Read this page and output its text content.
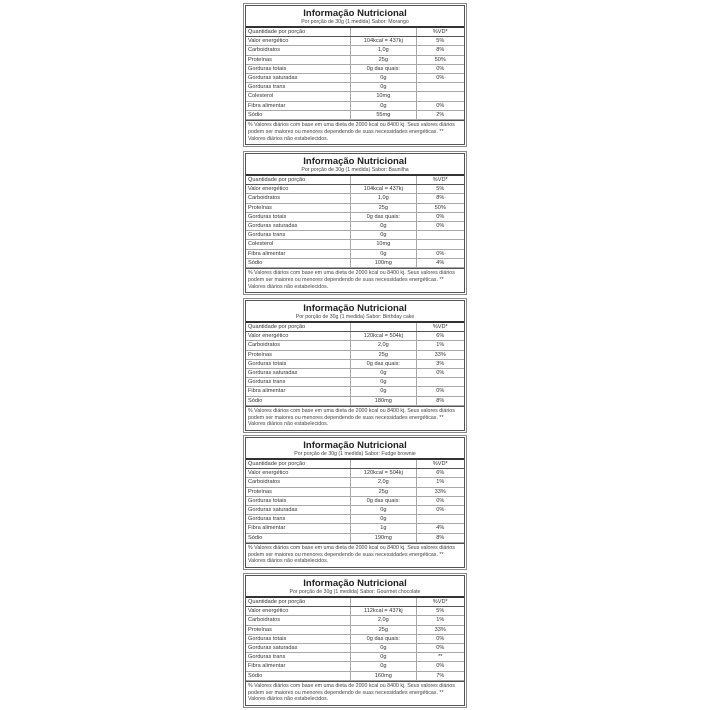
Informação Nutricional
Por porção de 30g (1 medida) Sabor: Morango
Quantidade por porção		%VD*
Valor energético	104kcal = 437kj	5%
Carboidratos	1,0g	8%
Proteínas	25g	50%
Gorduras totais	0g das quais:	0%
Gorduras saturadas	0g	0%
Gorduras trans	0g	
Colesterol	10mg	
Fibra alimentar	0g	0%
Sódio	55mg	2%
% Valores diários com base em uma dieta de 2000 kcal ou 8400 kj. Seus valores diários podem ser maiores ou menores dependendo de suas necessidades energéticas. ** Valores diários não estabelecidos.
Informação Nutricional
Por porção de 30g (1 medida) Sabor: Baunilha
Quantidade por porção		%VD*
Valor energético	104kcal = 437kj	5%
Carboidratos	1,0g	8%
Proteínas	25g	50%
Gorduras totais	0g das quais:	0%
Gorduras saturadas	0g	0%
Gorduras trans	0g	
Colesterol	10mg	
Fibra alimentar	0g	0%
Sódio	100mg	4%
% Valores diários com base em uma dieta de 2000 kcal ou 8400 kj. Seus valores diários podem ser maiores ou menores dependendo de suas necessidades energéticas. ** Valores diários não estabelecidos.
Informação Nutricional
Por porção de 30g (1 medida) Sabor: Birthday cake
Quantidade por porção		%VD*
Valor energético	120kcal = 504kj	6%
Carboidratos	2,0g	1%
Proteínas	25g	33%
Gorduras totais	0g das quais:	3%
Gorduras saturadas	0g	0%
Gorduras trans	0g	
Fibra alimentar	0g	0%
Sódio	180mg	8%
% Valores diários com base em uma dieta de 2000 kcal ou 8400 kj. Seus valores diários podem ser maiores ou menores dependendo de suas necessidades energéticas. ** Valores diários não estabelecidos.
Informação Nutricional
Por porção de 30g (1 medida) Sabor: Fudge brownie
Quantidade por porção		%VD*
Valor energético	120kcal = 504kj	6%
Carboidratos	2,0g	1%
Proteínas	25g	33%
Gorduras totais	0g das quais:	0%
Gorduras saturadas	0g	0%
Gorduras trans	0g	
Fibra alimentar	1g	4%
Sódio	190mg	8%
% Valores diários com base em uma dieta de 2000 kcal ou 8400 kj. Seus valores diários podem ser maiores ou menores dependendo de suas necessidades energéticas. ** Valores diários não estabelecidos.
Informação Nutricional
Por porção de 30g (1 medida) Sabor: Gourmet chocolate
Quantidade por porção		%VD*
Valor energético	112kcal = 437kj	5%
Carboidratos	2,0g	1%
Proteínas	25g	33%
Gorduras totais	0g das quais:	0%
Gorduras saturadas	0g	0%
Gorduras trans	0g	**
Fibra alimentar	0g	0%
Sódio	160mg	7%
% Valores diários com base em uma dieta de 2000 kcal ou 8400 kj. Seus valores diários podem ser maiores ou menores dependendo de suas necessidades energéticas. ** Valores diários não estabelecidos.
